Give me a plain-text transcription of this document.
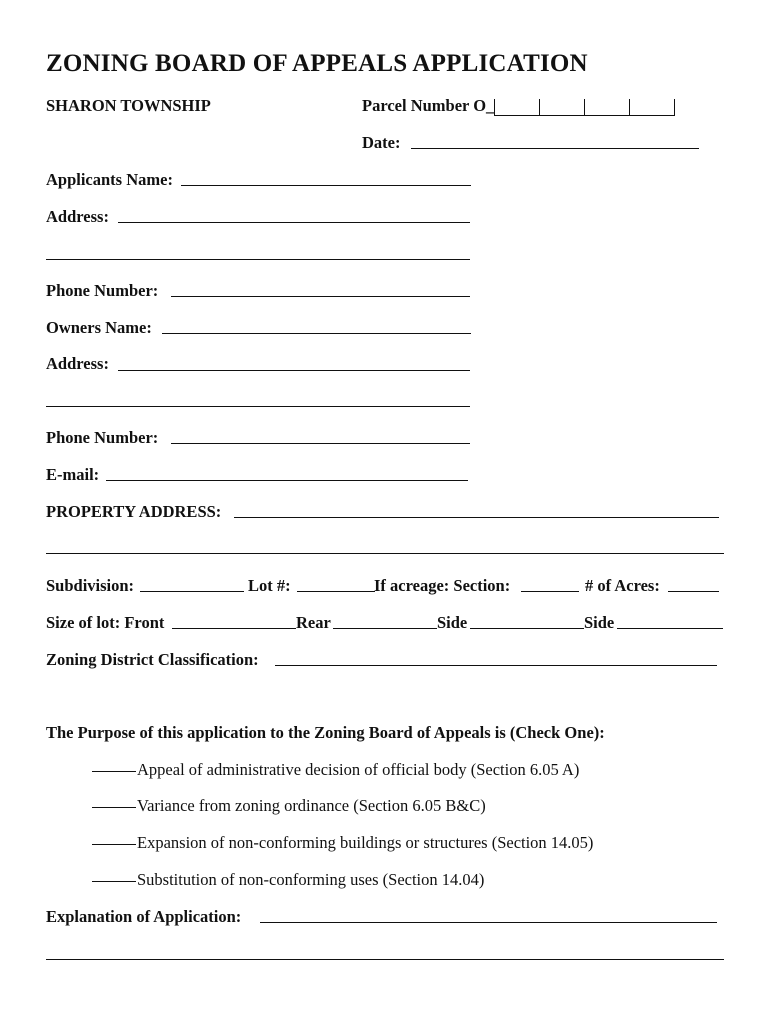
ZONING BOARD OF APPEALS APPLICATION
SHARON TOWNSHIP	Parcel Number O_
Date:
Applicants Name:
Address:
Phone Number:
Owners Name:
Address:
Phone Number:
E-mail:
PROPERTY ADDRESS:
Subdivision:	Lot #:	If acreage: Section:	# of Acres:
Size of lot: Front	Rear	Side	Side
Zoning District Classification:
The Purpose of this application to the Zoning Board of Appeals is (Check One):
Appeal of administrative decision of official body (Section 6.05 A)
Variance from zoning ordinance (Section 6.05 B&C)
Expansion of non-conforming buildings or structures (Section 14.05)
Substitution of non-conforming uses (Section 14.04)
Explanation of Application:
